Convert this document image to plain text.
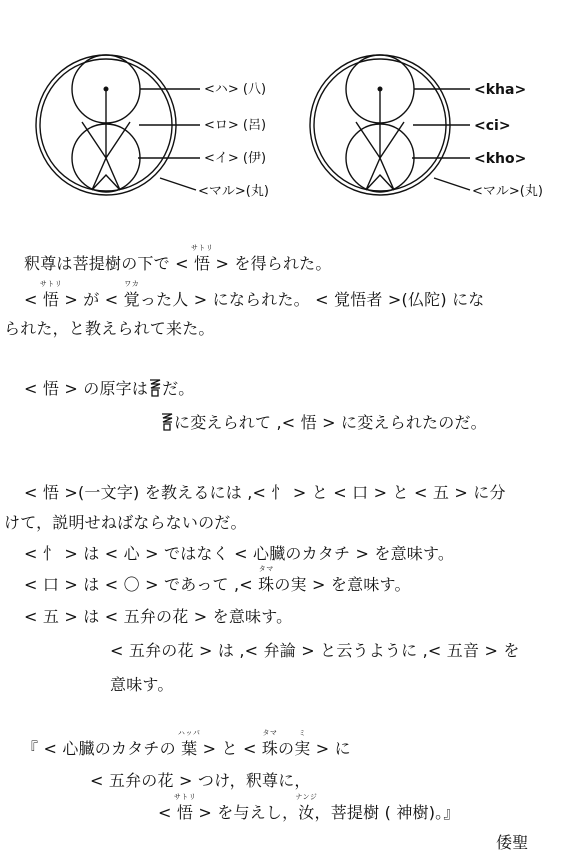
<ハ> (八)
<ロ> (呂)
<イ> (伊)
<マル>(丸)
<kha>
<ci>
<kho>
<マル>(丸)
釈尊は菩提樹の下で <
サトリ
悟 > を得られた。
<
サトリ
悟 > が <
ワカ
覚った人 > になられた。 < 覚悟者 >(仏陀) にな
られた，と教えられて来た。
< 悟 > の原字は だ。
に変えられて ,< 悟 > に変えられたのだ。
< 悟 >(一文字) を教えるには ,< 忄 > と < 口 > と < 五 > に分
けて，説明せねばならないのだ。
< 忄 > は < 心 > ではなく < 心臓のカタチ > を意味す。
< 口 > は < 〇 > であって ,<
タマ
珠の実 > を意味す。
< 五 > は < 五弁の花 > を意味す。
< 五弁の花 > は ,< 弁論 > と云うように ,< 五音 > を
意味す。
『 < 心臓のカタチの
ハッパ
葉 > と <
タマ
珠の
ミ
実 > に
< 五弁の花 > つけ，釈尊に，
<
サトリ
悟 > を与えし，
ナンジ
汝，菩提樹 ( 神樹)。』
倭聖
